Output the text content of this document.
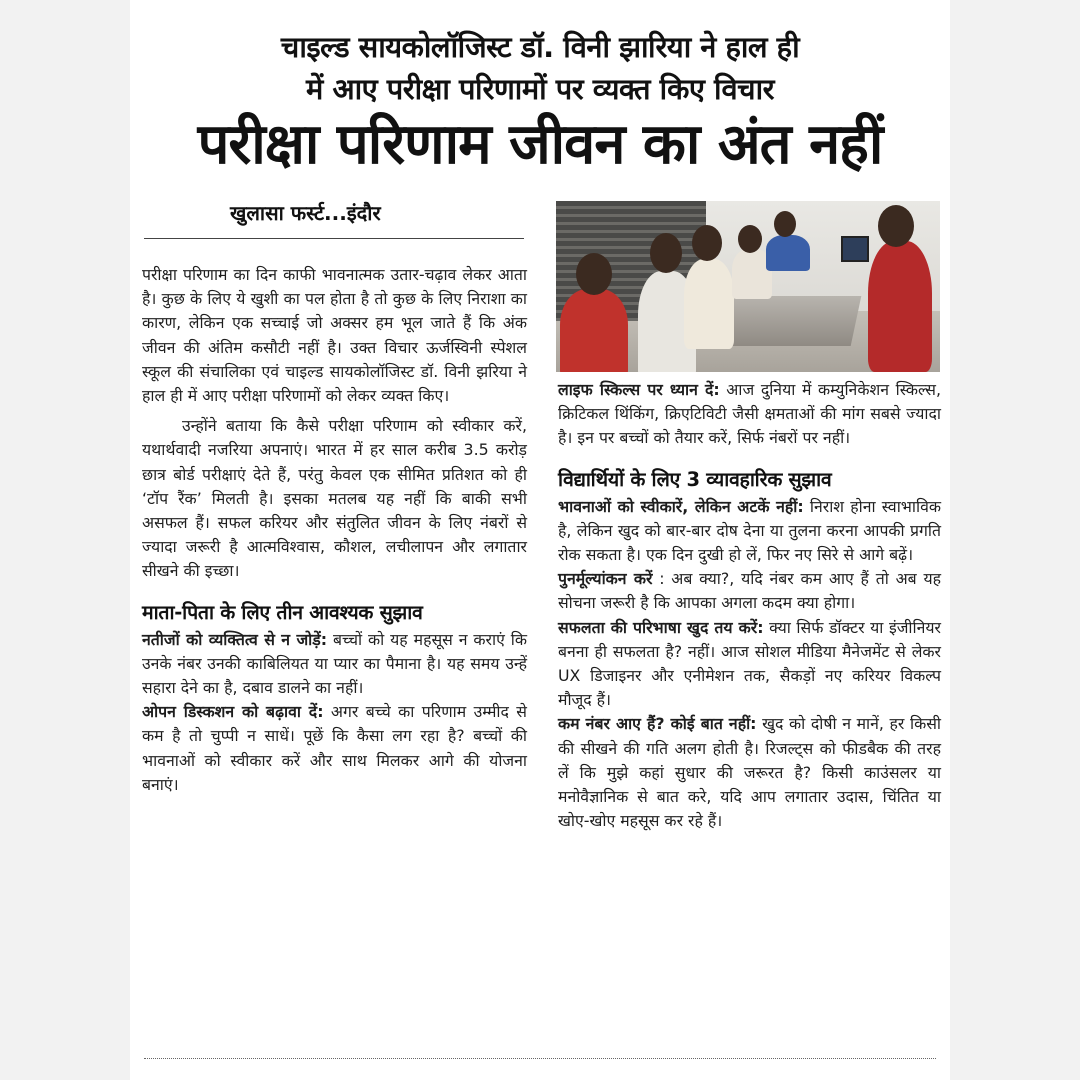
चाइल्ड सायकोलॉजिस्ट डॉ. विनी झारिया ने हाल ही
में आए परीक्षा परिणामों पर व्यक्त किए विचार
परीक्षा परिणाम जीवन का अंत नहीं
खुलासा फर्स्ट...इंदौर

परीक्षा परिणाम का दिन काफी भावनात्मक उतार-चढ़ाव लेकर आता है। कुछ के लिए ये खुशी का पल होता है तो कुछ के लिए निराशा का कारण, लेकिन एक सच्चाई जो अक्सर हम भूल जाते हैं कि अंक जीवन की अंतिम कसौटी नहीं है। उक्त विचार ऊर्जस्विनी स्पेशल स्कूल की संचालिका एवं चाइल्ड सायकोलॉजिस्ट डॉ. विनी झरिया ने हाल ही में आए परीक्षा परिणामों को लेकर व्यक्त किए।

उन्होंने बताया कि कैसे परीक्षा परिणाम को स्वीकार करें, यथार्थवादी नजरिया अपनाएं। भारत में हर साल करीब 3.5 करोड़ छात्र बोर्ड परीक्षाएं देते हैं, परंतु केवल एक सीमित प्रतिशत को ही ‘टॉप रैंक’ मिलती है। इसका मतलब यह नहीं कि बाकी सभी असफल हैं। सफल करियर और संतुलित जीवन के लिए नंबरों से ज्यादा जरूरी है आत्मविश्वास, कौशल, लचीलापन और लगातार सीखने की इच्छा।

माता-पिता के लिए तीन आवश्यक सुझाव

नतीजों को व्यक्तित्व से न जोड़ें: बच्चों को यह महसूस न कराएं कि उनके नंबर उनकी काबिलियत या प्यार का पैमाना है। यह समय उन्हें सहारा देने का है, दबाव डालने का नहीं।

ओपन डिस्कशन को बढ़ावा दें: अगर बच्चे का परिणाम उम्मीद से कम है तो चुप्पी न साधें। पूछें कि कैसा लग रहा है? बच्चों की भावनाओं को स्वीकार करें और साथ मिलकर आगे की योजना बनाएं।

लाइफ स्किल्स पर ध्यान दें: आज दुनिया में कम्युनिकेशन स्किल्स, क्रिटिकल थिंकिंग, क्रिएटिविटी जैसी क्षमताओं की मांग सबसे ज्यादा है। इन पर बच्चों को तैयार करें, सिर्फ नंबरों पर नहीं।

विद्यार्थियों के लिए 3 व्यावहारिक सुझाव

भावनाओं को स्वीकारें, लेकिन अटकें नहीं: निराश होना स्वाभाविक है, लेकिन खुद को बार-बार दोष देना या तुलना करना आपकी प्रगति रोक सकता है। एक दिन दुखी हो लें, फिर नए सिरे से आगे बढ़ें।

पुनर्मूल्यांकन करें : अब क्या?, यदि नंबर कम आए हैं तो अब यह सोचना जरूरी है कि आपका अगला कदम क्या होगा।

सफलता की परिभाषा खुद तय करें: क्या सिर्फ डॉक्टर या इंजीनियर बनना ही सफलता है? नहीं। आज सोशल मीडिया मैनेजमेंट से लेकर UX डिजाइनर और एनीमेशन तक, सैकड़ों नए करियर विकल्प मौजूद हैं।

कम नंबर आए हैं? कोई बात नहीं: खुद को दोषी न मानें, हर किसी की सीखने की गति अलग होती है। रिजल्ट्स को फीडबैक की तरह लें कि मुझे कहां सुधार की जरूरत है? किसी काउंसलर या मनोवैज्ञानिक से बात करे, यदि आप लगातार उदास, चिंतित या खोए-खोए महसूस कर रहे हैं।
